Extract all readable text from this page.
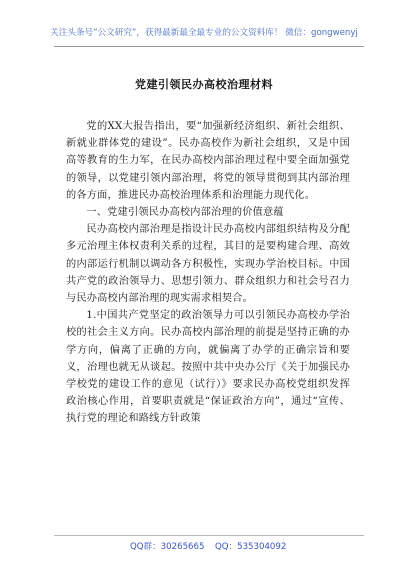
关注头条号“公文研究”，获得最新最全最专业的公文资料库！ 微信：gongwenyj
党建引领民办高校治理材料

党的XX大报告指出，要“加强新经济组织、新社会组织、新就业群体党的建设”。民办高校作为新社会组织，又是中国高等教育的生力军，在民办高校内部治理过程中要全面加强党的领导，以党建引领内部治理，将党的领导贯彻到其内部治理的各方面，推进民办高校治理体系和治理能力现代化。

一、党建引领民办高校内部治理的价值意蕴

民办高校内部治理是指设计民办高校内部组织结构及分配多元治理主体权责利关系的过程，其目的是要构建合理、高效的内部运行机制以调动各方积极性，实现办学治校目标。中国共产党的政治领导力、思想引领力、群众组织力和社会号召力与民办高校内部治理的现实需求相契合。

1.中国共产党坚定的政治领导力可以引领民办高校办学治校的社会主义方向。民办高校内部治理的前提是坚持正确的办学方向，偏离了正确的方向，就偏离了办学的正确宗旨和要义，治理也就无从谈起。按照中共中央办公厅《关于加强民办学校党的建设工作的意见（试行）》要求民办高校党组织发挥政治核心作用，首要职责就是“保证政治方向”，通过“宣传、执行党的理论和路线方针政策

QQ群：30265665 QQ：535304092
